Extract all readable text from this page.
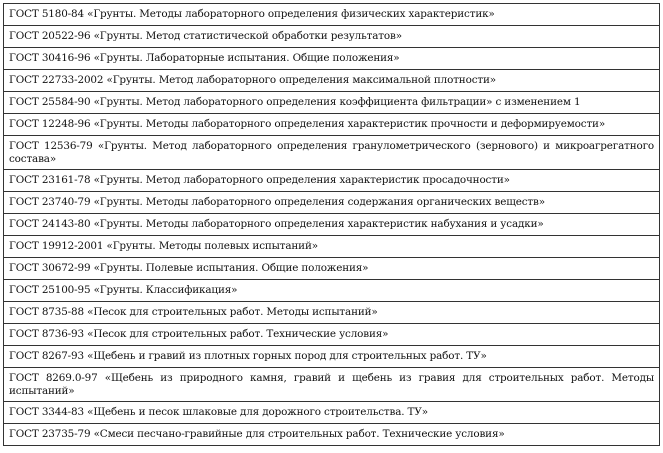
ГОСТ 5180-84 «Грунты. Методы лабораторного определения физических характеристик»
ГОСТ 20522-96 «Грунты. Метод статистической обработки результатов»
ГОСТ 30416-96 «Грунты. Лабораторные испытания. Общие положения»
ГОСТ 22733-2002 «Грунты. Метод лабораторного определения максимальной плотности»
ГОСТ 25584-90 «Грунты. Метод лабораторного определения коэффициента фильтрации» с изменением 1
ГОСТ 12248-96 «Грунты. Методы лабораторного определения характеристик прочности и деформируемости»
ГОСТ 12536-79 «Грунты. Метод лабораторного определения гранулометрического (зернового) и микроагрегатного состава»
ГОСТ 23161-78 «Грунты. Метод лабораторного определения характеристик просадочности»
ГОСТ 23740-79 «Грунты. Методы лабораторного определения содержания органических веществ»
ГОСТ 24143-80 «Грунты. Методы лабораторного определения характеристик набухания и усадки»
ГОСТ 19912-2001 «Грунты. Методы полевых испытаний»
ГОСТ 30672-99 «Грунты. Полевые испытания. Общие положения»
ГОСТ 25100-95 «Грунты. Классификация»
ГОСТ 8735-88 «Песок для строительных работ. Методы испытаний»
ГОСТ 8736-93 «Песок для строительных работ. Технические условия»
ГОСТ 8267-93 «Щебень и гравий из плотных горных пород для строительных работ. ТУ»
ГОСТ 8269.0-97 «Щебень из природного камня, гравий и щебень из гравия для строительных работ. Методы испытаний»
ГОСТ 3344-83 «Щебень и песок шлаковые для дорожного строительства. ТУ»
ГОСТ 23735-79 «Смеси песчано-гравийные для строительных работ. Технические условия»
